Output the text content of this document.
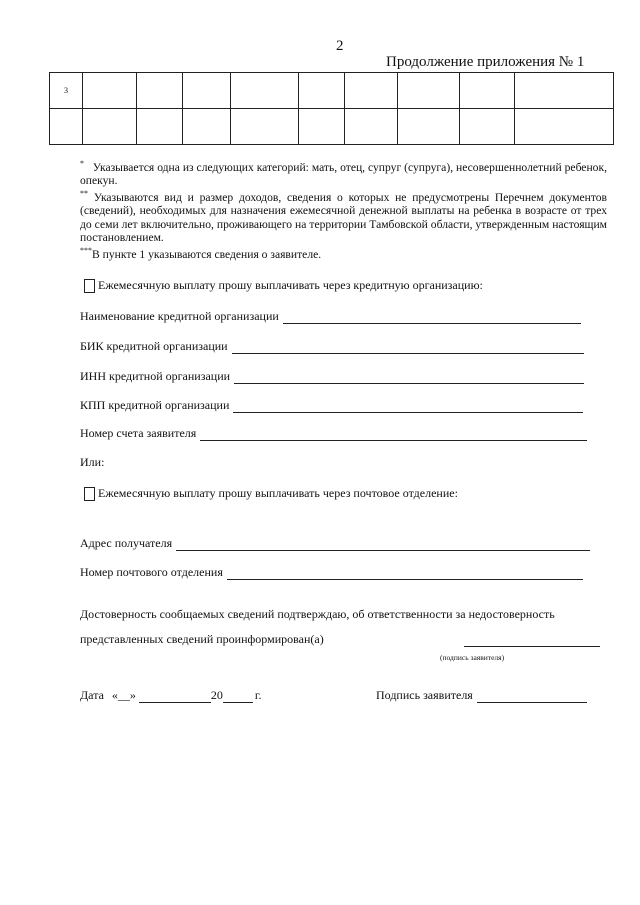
2
Продолжение приложения № 1
3									

* Указывается одна из следующих категорий: мать, отец, супруг (супруга), несовершеннолетний ребенок, опекун.

** Указываются вид и размер доходов, сведения о которых не предусмотрены Перечнем документов (сведений), необходимых для назначения ежемесячной денежной выплаты на ребенка в возрасте от трех до семи лет включительно, проживающего на территории Тамбовской области, утвержденным настоящим постановлением.

***В пункте 1 указываются сведения о заявителе.

Ежемесячную выплату прошу выплачивать через кредитную организацию:
Наименование кредитной организации
БИК кредитной организации
ИНН кредитной организации
КПП кредитной организации
Номер счета заявителя
Или:
Ежемесячную выплату прошу выплачивать через почтовое отделение:
Адрес получателя
Номер почтового отделения
Достоверность сообщаемых сведений подтверждаю, об ответственности за недостоверность
представленных сведений проинформирован(а)
(подпись заявителя)
Дата « __ »	20	г.	Подпись заявителя
